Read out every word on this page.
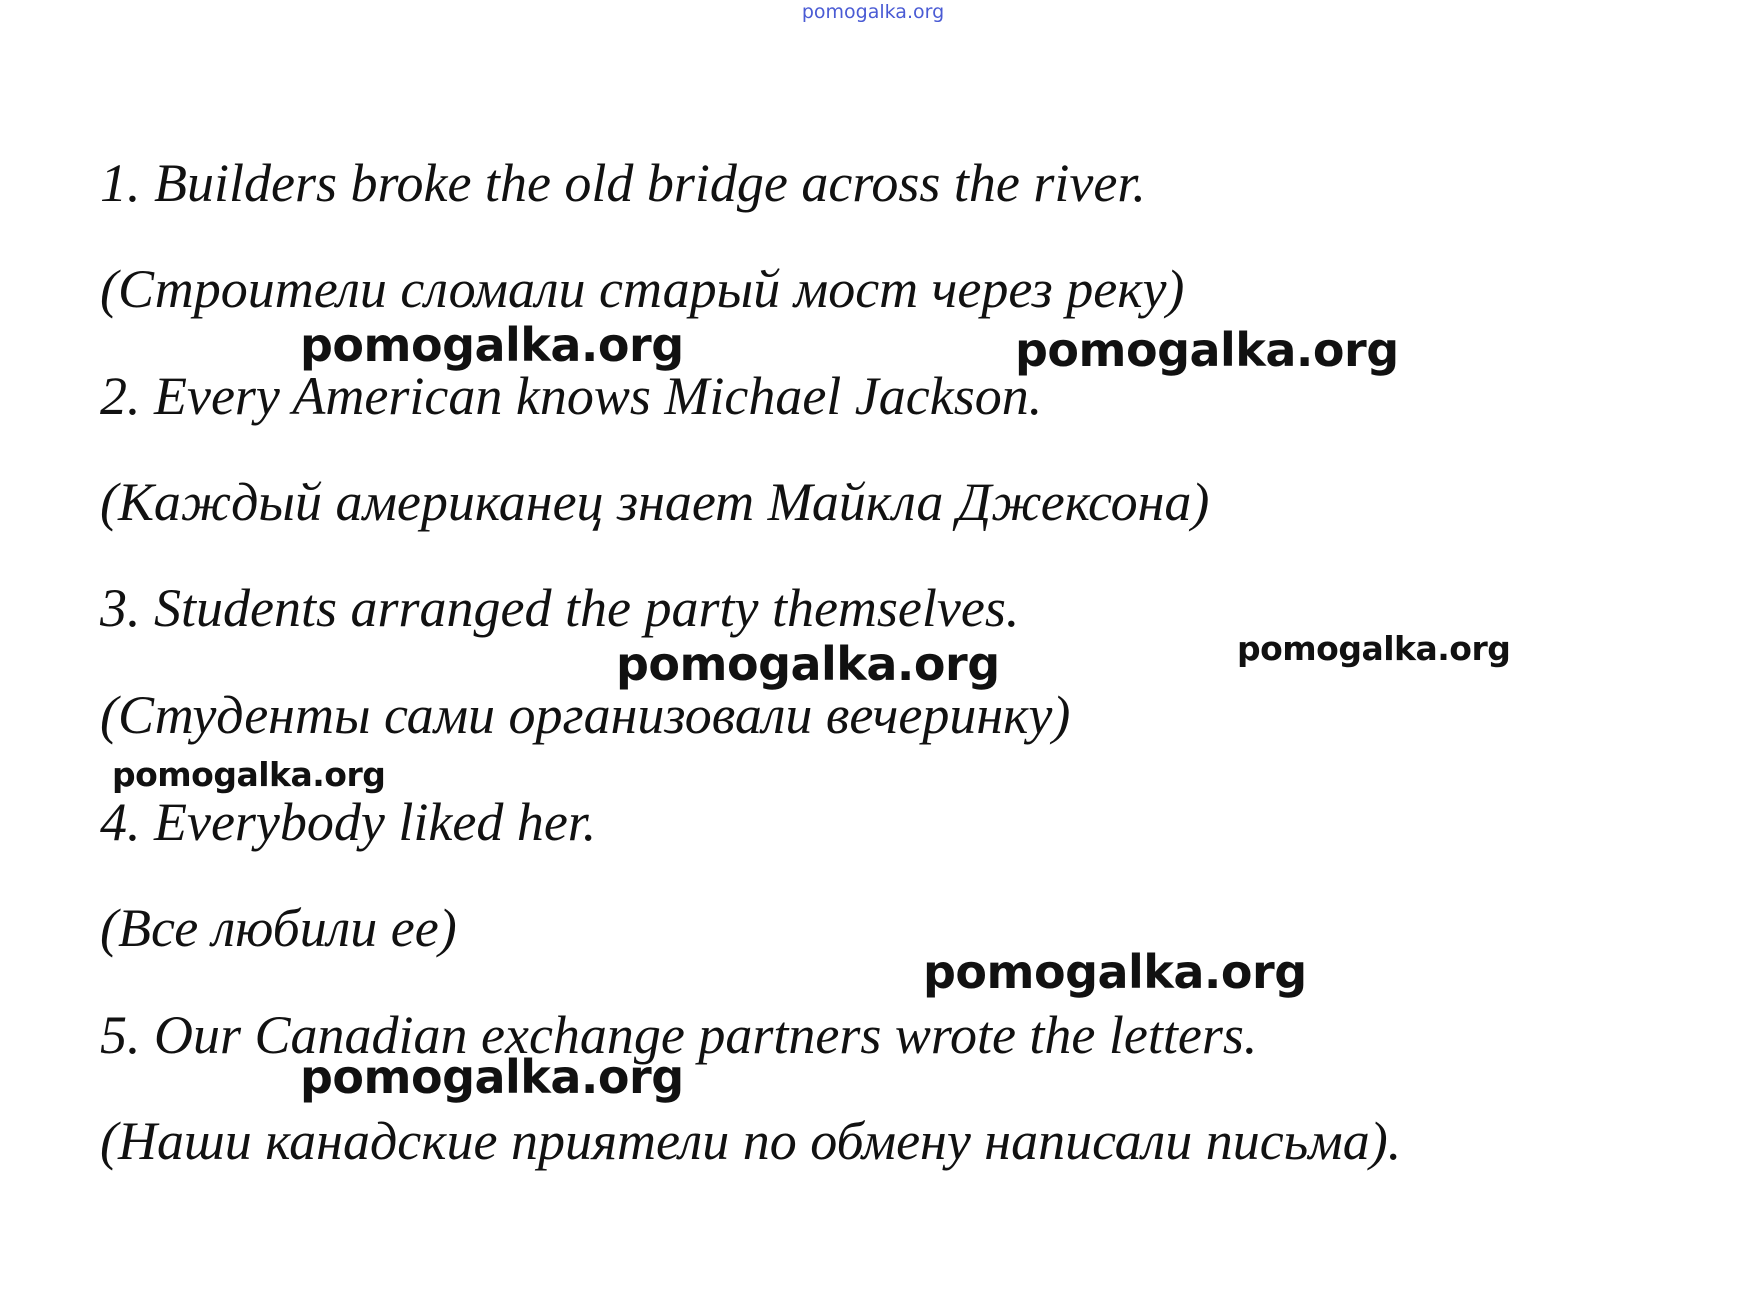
pomogalka.org
1. Builders broke the old bridge across the river.
(Строители сломали старый мост через реку)
2. Every American knows Michael Jackson.
(Каждый американец знает Майкла Джексона)
3. Students arranged the party themselves.
(Студенты сами организовали вечеринку)
4. Everybody liked her.
(Все любили ее)
5. Our Canadian exchange partners wrote the letters.
(Наши канадские приятели по обмену написали письма).
pomogalka.org	pomogalka.org
pomogalka.org	pomogalka.org
pomogalka.org
pomogalka.org
pomogalka.org
